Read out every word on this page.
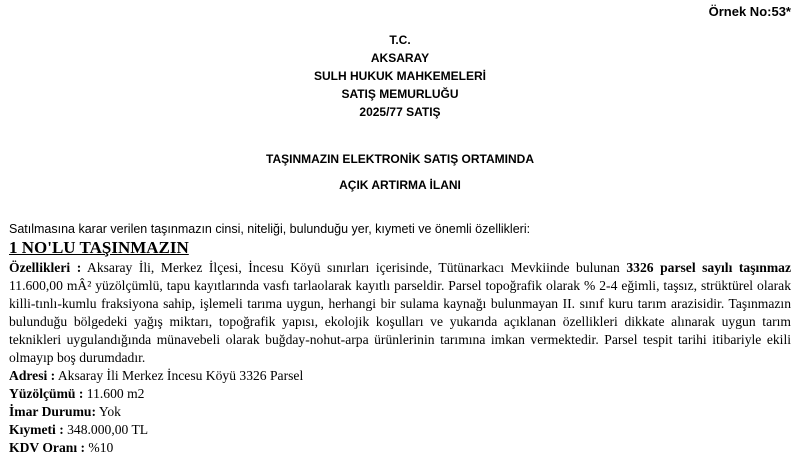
Örnek No:53*
T.C.
AKSARAY
SULH HUKUK MAHKEMELERİ
SATIŞ MEMURLUĞU
2025/77 SATIŞ
TAŞINMAZIN ELEKTRONİK SATIŞ ORTAMINDA
AÇIK ARTIRMA İLANI
Satılmasına karar verilen taşınmazın cinsi, niteliği, bulunduğu yer, kıymeti ve önemli özellikleri:
1 NO'LU TAŞINMAZIN
Özellikleri : Aksaray İli, Merkez İlçesi, İncesu Köyü sınırları içerisinde, Tütünarkacı Mevkiinde bulunan 3326 parsel sayılı taşınmaz 11.600,00 mÂ² yüzölçümlü, tapu kayıtlarında vasfı tarlaolarak kayıtlı parseldir. Parsel topoğrafik olarak % 2-4 eğimli, taşsız, strüktürel olarak killi-tınlı-kumlu fraksiyona sahip, işlemeli tarıma uygun, herhangi bir sulama kaynağı bulunmayan II. sınıf kuru tarım arazisidir. Taşınmazın bulunduğu bölgedeki yağış miktarı, topoğrafik yapısı, ekolojik koşulları ve yukarıda açıklanan özellikleri dikkate alınarak uygun tarım teknikleri uygulandığında münavebeli olarak buğday-nohut-arpa ürünlerinin tarımına imkan vermektedir. Parsel tespit tarihi itibariyle ekili olmayıp boş durumdadır.
Adresi : Aksaray İli Merkez İncesu Köyü 3326 Parsel
Yüzölçümü : 11.600 m2
İmar Durumu: Yok
Kıymeti : 348.000,00 TL
KDV Oranı : %10
